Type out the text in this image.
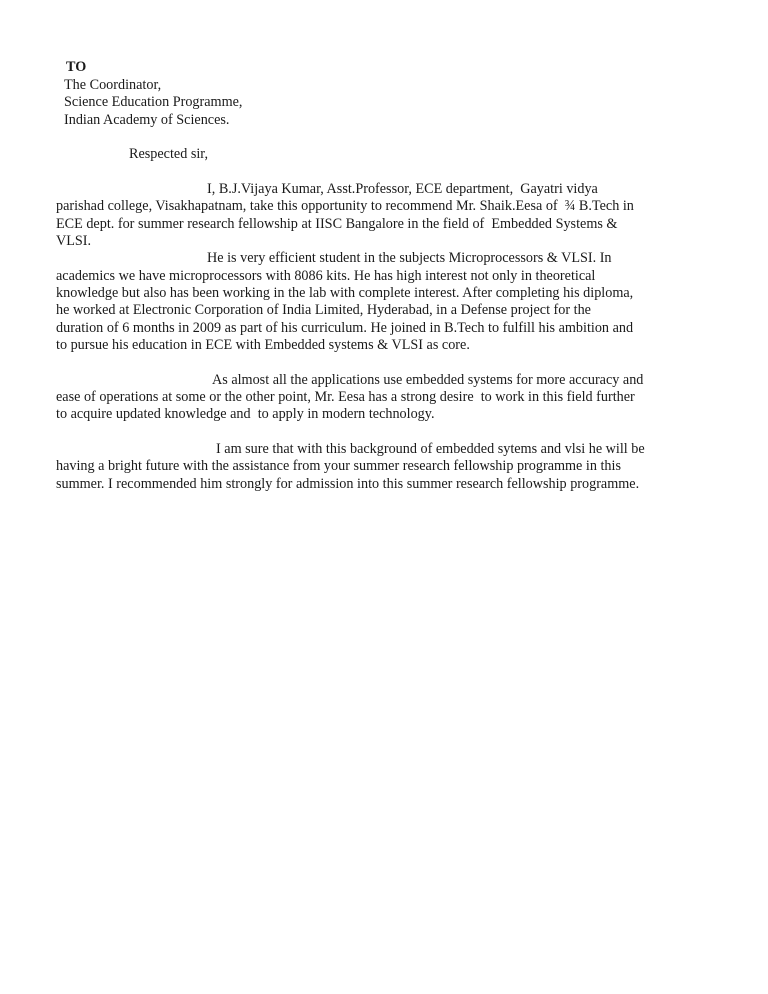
TO
The Coordinator,
Science Education Programme,
Indian Academy of Sciences.
Respected sir,
I, B.J.Vijaya Kumar, Asst.Professor, ECE department,  Gayatri vidya
parishad college, Visakhapatnam, take this opportunity to recommend Mr. Shaik.Eesa of  ¾ B.Tech in
ECE dept. for summer research fellowship at IISC Bangalore in the field of  Embedded Systems &
VLSI.
He is very efficient student in the subjects Microprocessors & VLSI. In
academics we have microprocessors with 8086 kits. He has high interest not only in theoretical
knowledge but also has been working in the lab with complete interest. After completing his diploma,
he worked at Electronic Corporation of India Limited, Hyderabad, in a Defense project for the
duration of 6 months in 2009 as part of his curriculum. He joined in B.Tech to fulfill his ambition and
to pursue his education in ECE with Embedded systems & VLSI as core.
As almost all the applications use embedded systems for more accuracy and
ease of operations at some or the other point, Mr. Eesa has a strong desire  to work in this field further
to acquire updated knowledge and  to apply in modern technology.
I am sure that with this background of embedded sytems and vlsi he will be
having a bright future with the assistance from your summer research fellowship programme in this
summer. I recommended him strongly for admission into this summer research fellowship programme.
